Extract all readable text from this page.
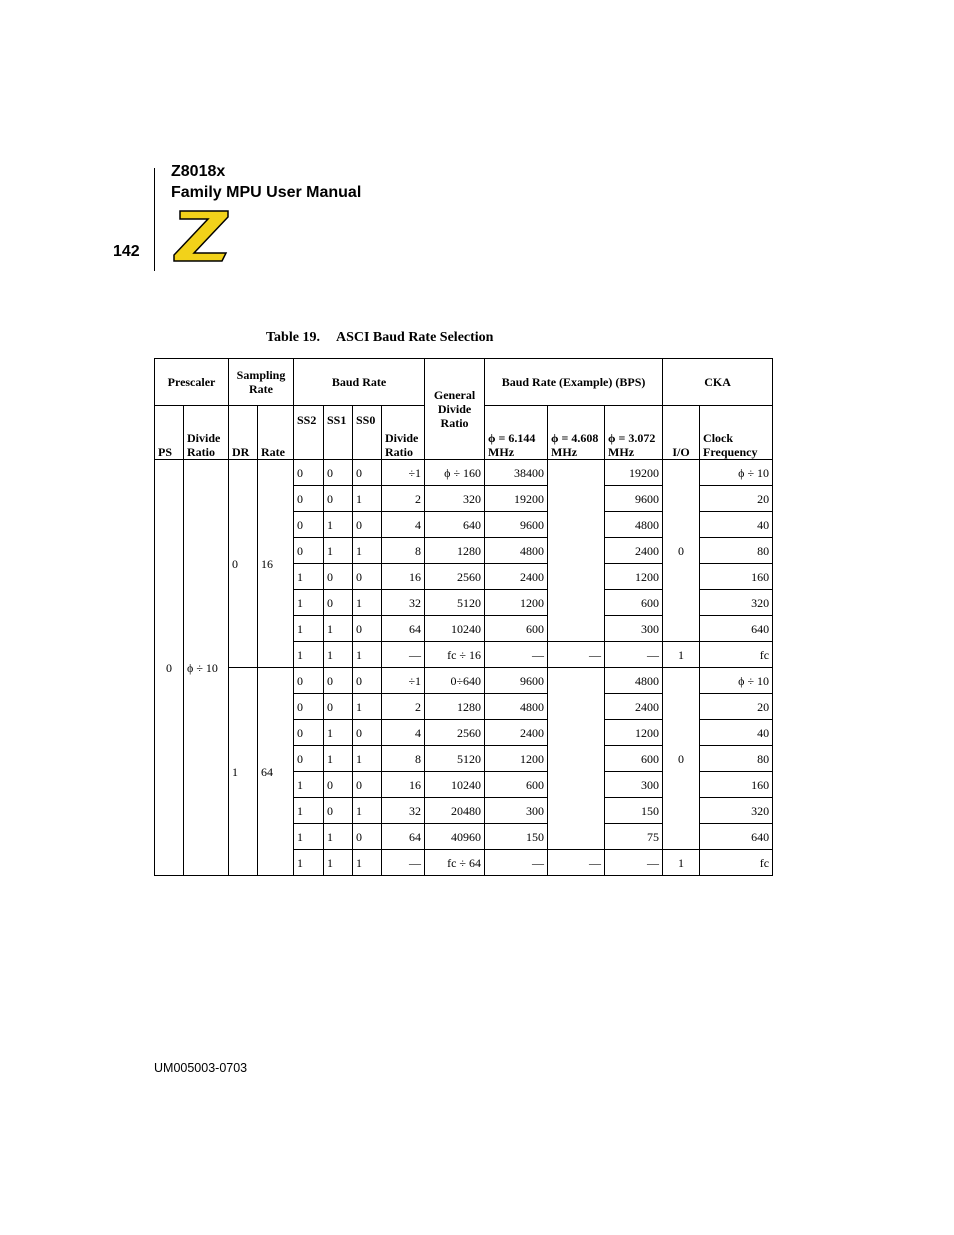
Z8018x
Family MPU User Manual
142
Table 19. ASCI Baud Rate Selection
Prescaler		Sampling Rate		Baud Rate				General Divide Ratio	Baud Rate (Example) (BPS)			CKA	
PS	Divide Ratio	DR	Rate	SS2	SS1	SS0	Divide Ratio		ϕ = 6.144 MHz	ϕ = 4.608 MHz	ϕ = 3.072 MHz	I/O	Clock Frequency
0	ϕ ÷ 10	0	16	0	0	0	÷1	ϕ ÷ 160	38400		19200	0	ϕ ÷ 10
				0	0	1	2	320	19200		9600		20
				0	1	0	4	640	9600		4800		40
				0	1	1	8	1280	4800		2400		80
				1	0	0	16	2560	2400		1200		160
				1	0	1	32	5120	1200		600		320
				1	1	0	64	10240	600		300		640
				1	1	1	—	fc ÷ 16	—	—	—	1	fc
		1	64	0	0	0	÷1	0÷640	9600		4800	0	ϕ ÷ 10
				0	0	1	2	1280	4800		2400		20
				0	1	0	4	2560	2400		1200		40
				0	1	1	8	5120	1200		600		80
				1	0	0	16	10240	600		300		160
				1	0	1	32	20480	300		150		320
				1	1	0	64	40960	150		75		640
				1	1	1	—	fc ÷ 64	—	—	—	1	fc
UM005003-0703
